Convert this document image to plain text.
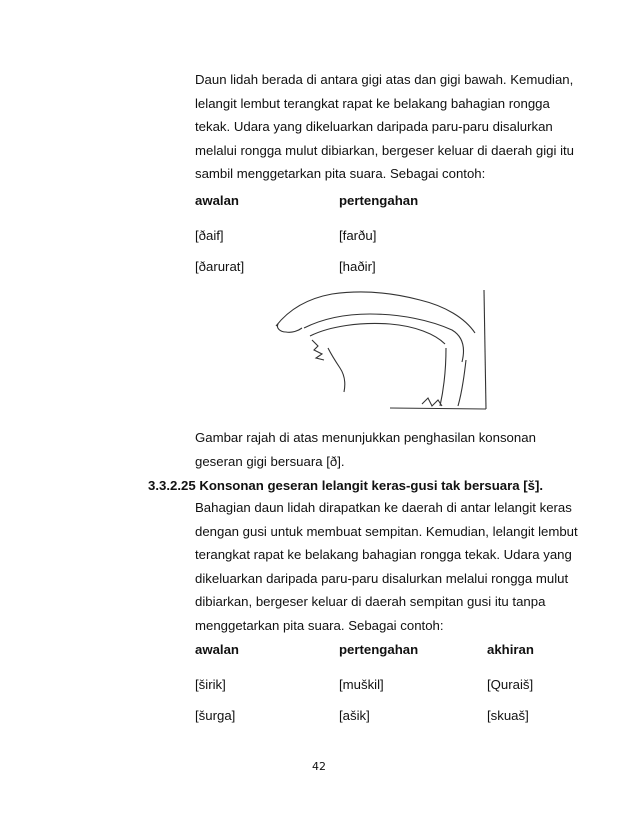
Daun lidah berada di antara gigi atas dan gigi bawah. Kemudian,

lelangit lembut terangkat rapat ke belakang bahagian rongga

tekak. Udara yang dikeluarkan daripada paru-paru disalurkan

melalui rongga mulut dibiarkan, bergeser keluar di daerah gigi itu

sambil menggetarkan pita suara. Sebagai contoh:

awalan	pertengahan
[ðaif]	[farðu]
[ðarurat]	[haðir]

Gambar rajah di atas menunjukkan penghasilan konsonan

geseran gigi bersuara [ð].

3.3.2.25 Konsonan geseran lelangit keras-gusi tak bersuara [š].

Bahagian daun lidah dirapatkan ke daerah di antar lelangit keras

dengan gusi untuk membuat sempitan. Kemudian, lelangit lembut

terangkat rapat ke belakang bahagian rongga tekak. Udara yang

dikeluarkan daripada paru-paru disalurkan melalui rongga mulut

dibiarkan, bergeser keluar di daerah sempitan gusi itu tanpa

menggetarkan pita suara. Sebagai contoh:

awalan	pertengahan	akhiran
[širik]	[muškil]	[Quraiš]
[šurga]	[ašik]	[skuaš]
42
